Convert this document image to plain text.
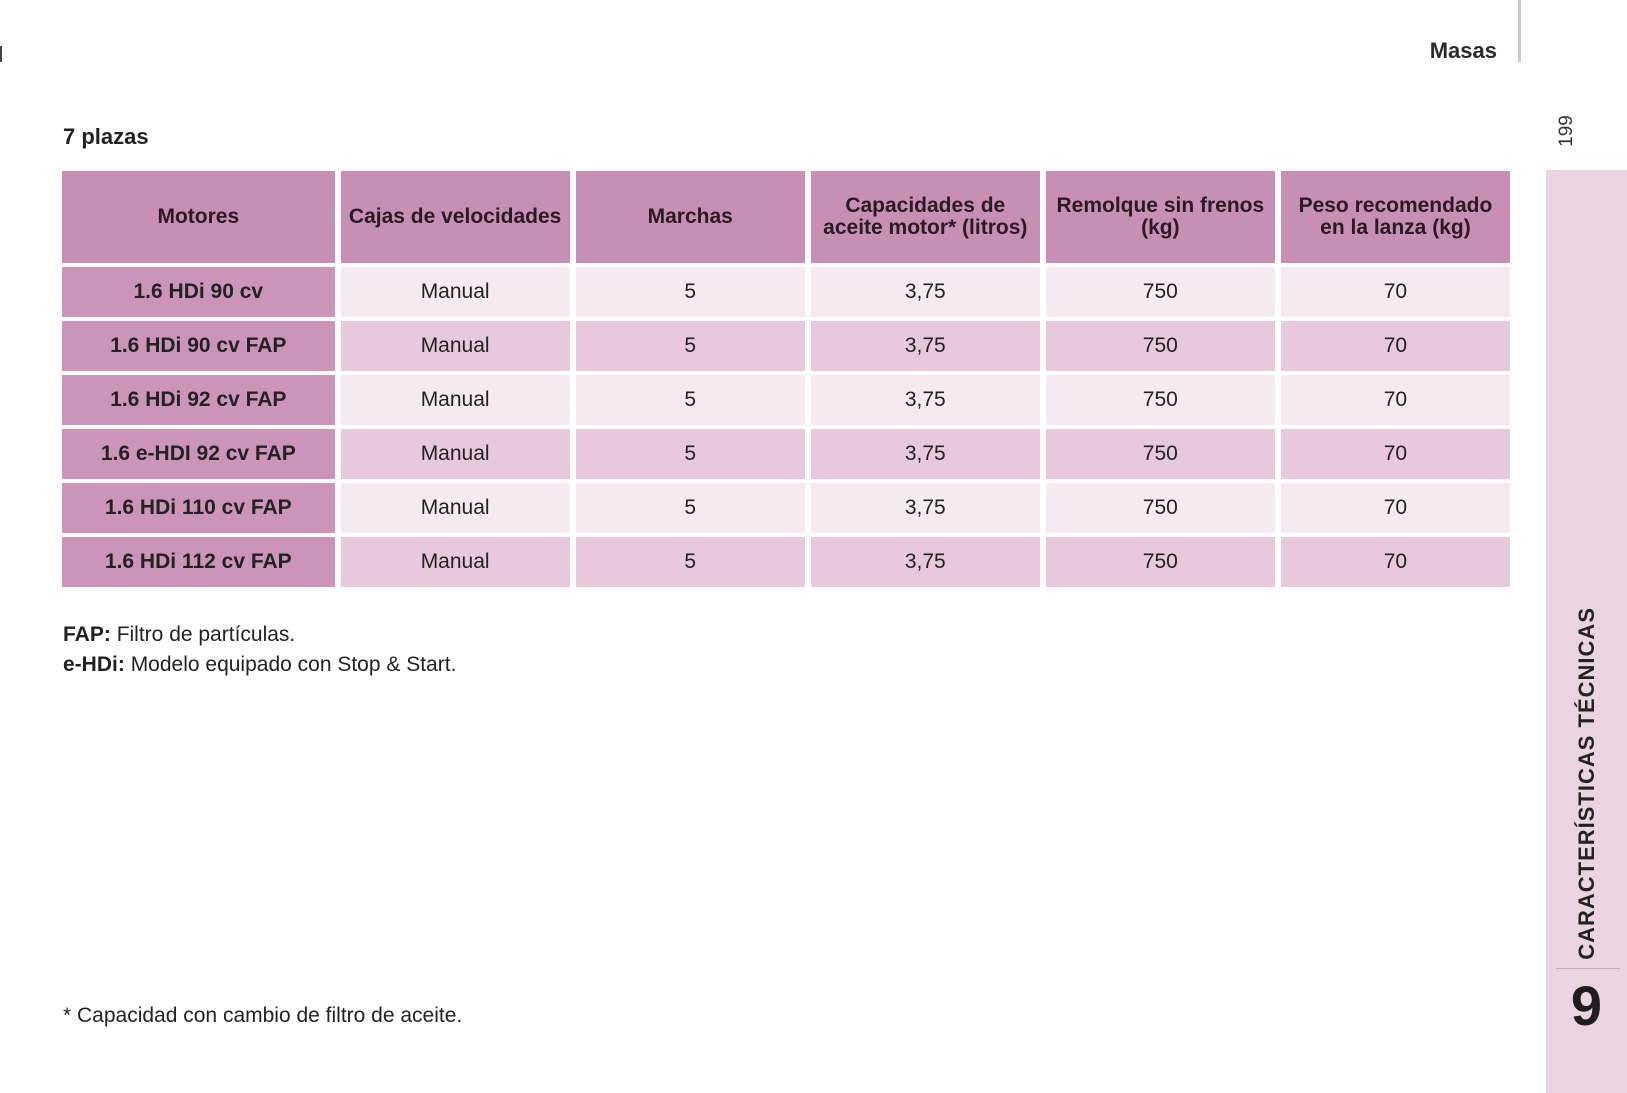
Masas
199
7 plazas
Motores	Cajas de velocidades	Marchas	Capacidades de aceite motor* (litros)	Remolque sin frenos (kg)	Peso recomendado en la lanza (kg)
1.6 HDi 90 cv	Manual	5	3,75	750	70
1.6 HDi 90 cv FAP	Manual	5	3,75	750	70
1.6 HDi 92 cv FAP	Manual	5	3,75	750	70
1.6 e-HDI 92 cv FAP	Manual	5	3,75	750	70
1.6 HDi 110 cv FAP	Manual	5	3,75	750	70
1.6 HDi 112 cv FAP	Manual	5	3,75	750	70
FAP: Filtro de partículas.
e-HDi: Modelo equipado con Stop & Start.
* Capacidad con cambio de filtro de aceite.
CARACTERÍSTICAS TÉCNICAS
9
